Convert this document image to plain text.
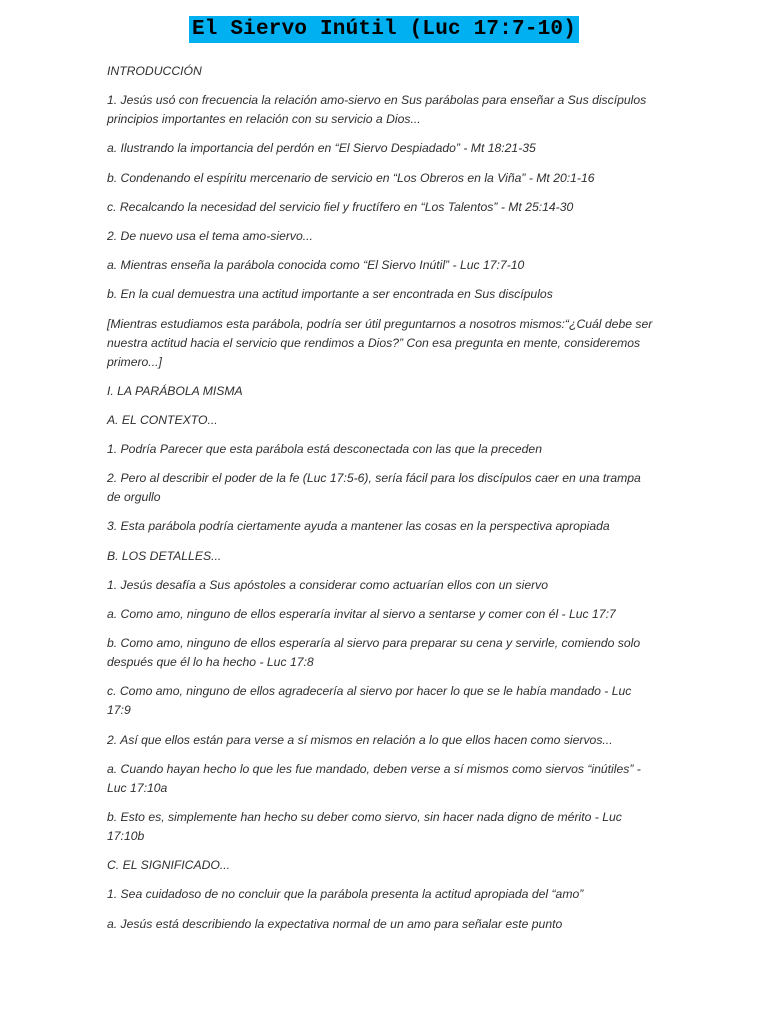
El Siervo Inútil (Luc 17:7-10)

INTRODUCCIÓN

1. Jesús usó con frecuencia la relación amo-siervo en Sus parábolas para enseñar a Sus discípulos principios importantes en relación con su servicio a Dios...

a. Ilustrando la importancia del perdón en “El Siervo Despiadado” - Mt 18:21-35

b. Condenando el espíritu mercenario de servicio en “Los Obreros en la Viña” - Mt 20:1-16

c. Recalcando la necesidad del servicio fiel y fructífero en “Los Talentos” - Mt 25:14-30

2. De nuevo usa el tema amo-siervo...

a. Mientras enseña la parábola conocida como “El Siervo Inútil” - Luc 17:7-10

b. En la cual demuestra una actitud importante a ser encontrada en Sus discípulos

[Mientras estudiamos esta parábola, podría ser útil preguntarnos a nosotros mismos:“¿Cuál debe ser nuestra actitud hacia el servicio que rendimos a Dios?” Con esa pregunta en mente, consideremos primero...]

I. LA PARÁBOLA MISMA

A. EL CONTEXTO...

1. Podría Parecer que esta parábola está desconectada con las que la preceden

2. Pero al describir el poder de la fe (Luc 17:5-6), sería fácil para los discípulos caer en una trampa de orgullo

3. Esta parábola podría ciertamente ayuda a mantener las cosas en la perspectiva apropiada

B. LOS DETALLES...

1. Jesús desafía a Sus apóstoles a considerar como actuarían ellos con un siervo

a. Como amo, ninguno de ellos esperaría invitar al siervo a sentarse y comer con él - Luc 17:7

b. Como amo, ninguno de ellos esperaría al siervo para preparar su cena y servirle, comiendo solo después que él lo ha hecho - Luc 17:8

c. Como amo, ninguno de ellos agradecería al siervo por hacer lo que se le había mandado - Luc 17:9

2. Así que ellos están para verse a sí mismos en relación a lo que ellos hacen como siervos...

a. Cuando hayan hecho lo que les fue mandado, deben verse a sí mismos como siervos “inútiles” - Luc 17:10a

b. Esto es, simplemente han hecho su deber como siervo, sin hacer nada digno de mérito - Luc 17:10b

C. EL SIGNIFICADO...

1. Sea cuidadoso de no concluir que la parábola presenta la actitud apropiada del “amo”

a. Jesús está describiendo la expectativa normal de un amo para señalar este punto
